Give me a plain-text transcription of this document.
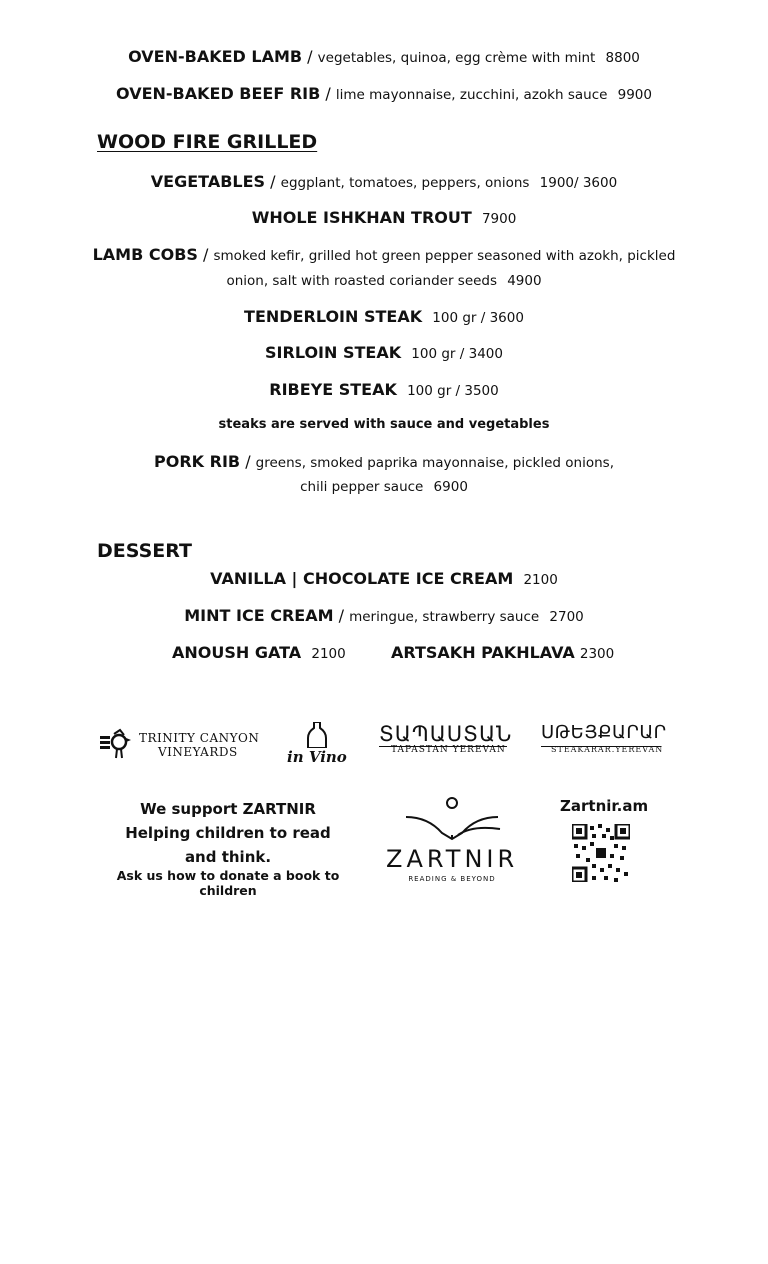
OVEN-BAKED LAMB / vegetables, quinoa, egg crème with mint 8800
OVEN-BAKED BEEF RIB / lime mayonnaise, zucchini, azokh sauce 9900
WOOD FIRE GRILLED
VEGETABLES / eggplant, tomatoes, peppers, onions 1900/ 3600
WHOLE ISHKHAN TROUT 7900
LAMB COBS / smoked kefir, grilled hot green pepper seasoned with azokh, pickled
onion, salt with roasted coriander seeds 4900
TENDERLOIN STEAK 100 gr / 3600
SIRLOIN STEAK 100 gr / 3400
RIBEYE STEAK 100 gr / 3500
steaks are served with sauce and vegetables
PORK RIB / greens, smoked paprika mayonnaise, pickled onions,
chili pepper sauce 6900
DESSERT
VANILLA | CHOCOLATE ICE CREAM 2100
MINT ICE CREAM / meringue, strawberry sauce 2700
ANOUSH GATA 2100	ARTSAKH PAKHLAVA 2300
TRINITY CANYON
VINEYARDS	in Vino
ՏԱՊԱՍՏԱՆ
TAPASTAN YEREVAN
ՍԹԵՅՔԱՐԱՐ
STEAKARAR.YEREVAN
We support ZARTNIR
Helping children to read
and think.
Ask us how to donate a book to children
ZARTNIR
READING & BEYOND
Zartnir.am
